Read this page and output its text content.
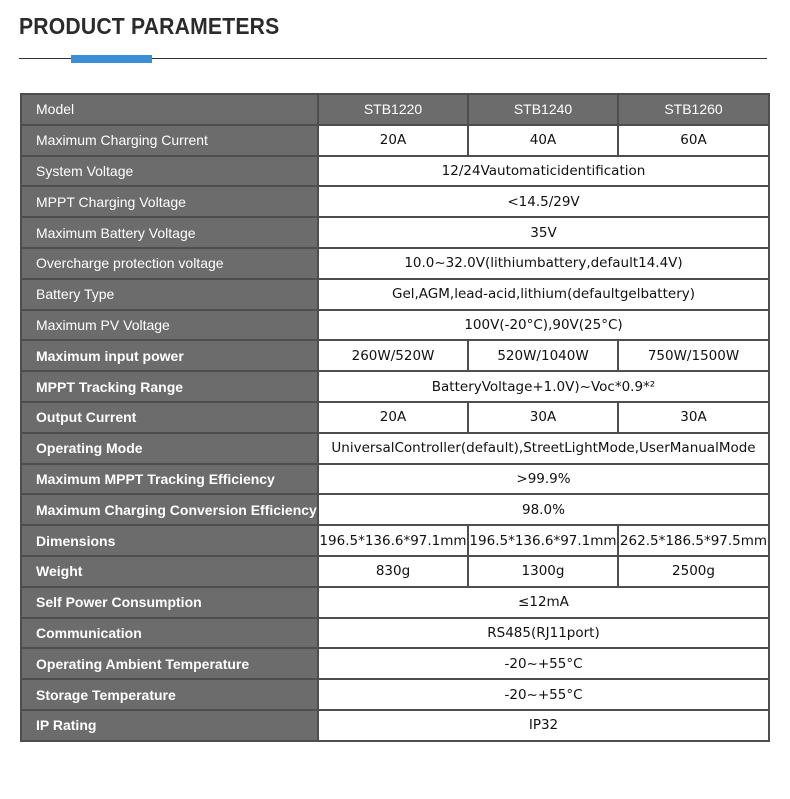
PRODUCT PARAMETERS
Model	STB1220	STB1240	STB1260
Maximum Charging Current	20A	40A	60A
System Voltage	12/24Vautomaticidentification		
MPPT Charging Voltage	<14.5/29V		
Maximum Battery Voltage	35V		
Overcharge protection voltage	10.0~32.0V(lithiumbattery,default14.4V)		
Battery Type	Gel,AGM,lead-acid,lithium(defaultgelbattery)		
Maximum PV Voltage	100V(-20°C),90V(25°C)		
Maximum input power	260W/520W	520W/1040W	750W/1500W
MPPT Tracking Range	BatteryVoltage+1.0V)~Voc*0.9*²		
Output Current	20A	30A	30A
Operating Mode	UniversalController(default),StreetLightMode,UserManualMode		
Maximum MPPT Tracking Efficiency	>99.9%		
Maximum Charging Conversion Efficiency	98.0%		
Dimensions	196.5*136.6*97.1mm	196.5*136.6*97.1mm	262.5*186.5*97.5mm
Weight	830g	1300g	2500g
Self Power Consumption	≤12mA		
Communication	RS485(RJ11port)		
Operating Ambient Temperature	-20~+55°C		
Storage Temperature	-20~+55°C		
IP Rating	IP32		
